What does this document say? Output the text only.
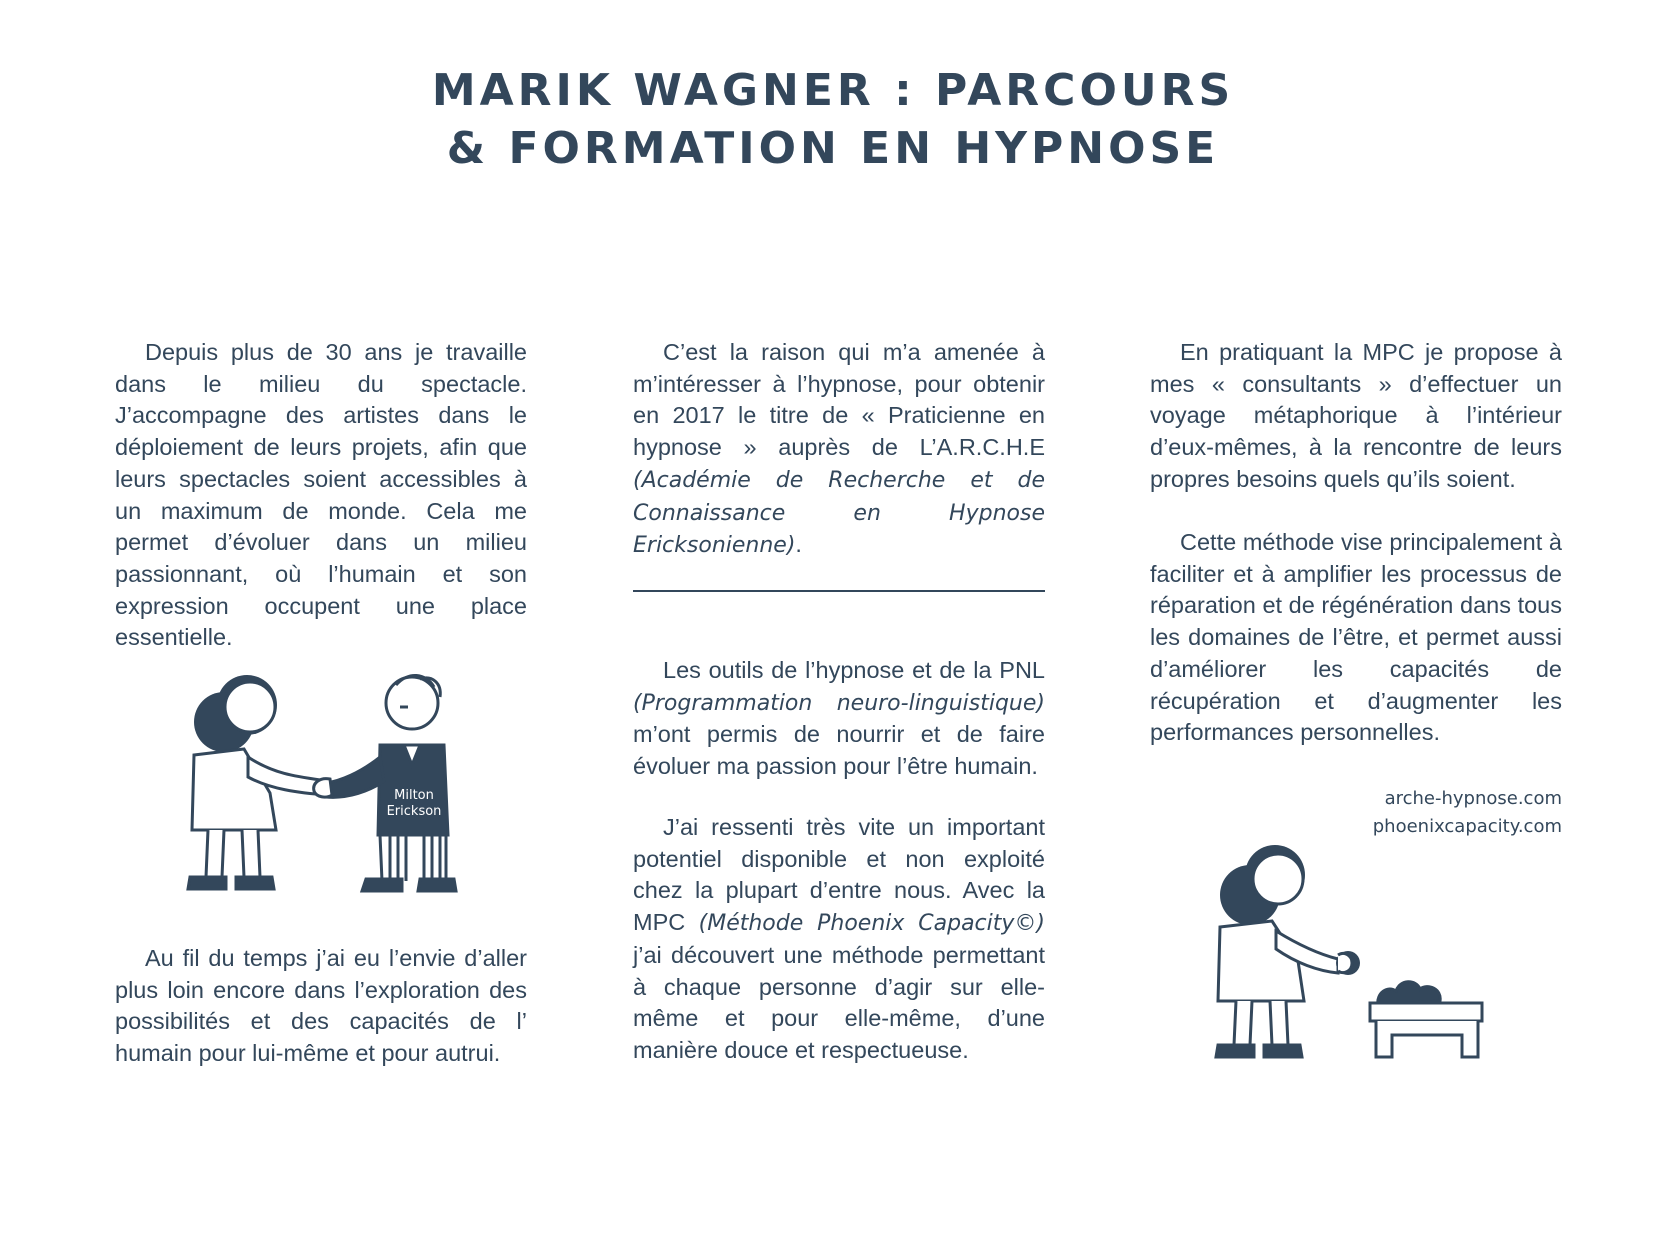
MARIK WAGNER : PARCOURS
& FORMATION EN HYPNOSE

Depuis plus de 30 ans je travaille dans le milieu du spectacle. J’accompagne des artistes dans le déploiement de leurs projets, afin que leurs spectacles soient accessibles à un maximum de monde. Cela me permet d’évoluer dans un milieu passionnant, où l’humain et son expression occupent une place essentielle.

Milton
Erickson

Au fil du temps j’ai eu l’envie d’aller plus loin encore dans l’exploration des possibilités et des capacités de l’ humain pour lui-même et pour autrui.

C’est la raison qui m’a amenée à m’intéresser à l’hypnose, pour obtenir en 2017 le titre de « Praticienne en hypnose » auprès de L’A.R.C.H.E (Académie de Recherche et de Connaissance en Hypnose Ericksonienne).

Les outils de l’hypnose et de la PNL (Programmation neuro-linguistique) m’ont permis de nourrir et de faire évoluer ma passion pour l’être humain.

J’ai ressenti très vite un important potentiel disponible et non exploité chez la plupart d’entre nous. Avec la MPC (Méthode Phoenix Capacity©) j’ai découvert une méthode permettant à chaque personne d’agir sur elle-même et pour elle-même, d’une manière douce et respectueuse.

En pratiquant la MPC je propose à mes « consultants » d’effectuer un voyage métaphorique à l’intérieur d’eux-mêmes, à la rencontre de leurs propres besoins quels qu’ils soient.

Cette méthode vise principalement à faciliter et à amplifier les processus de réparation et de régénération dans tous les domaines de l’être, et permet aussi d’améliorer les capacités de récupération et d’augmenter les performances personnelles.

arche-hypnose.com
phoenixcapacity.com
